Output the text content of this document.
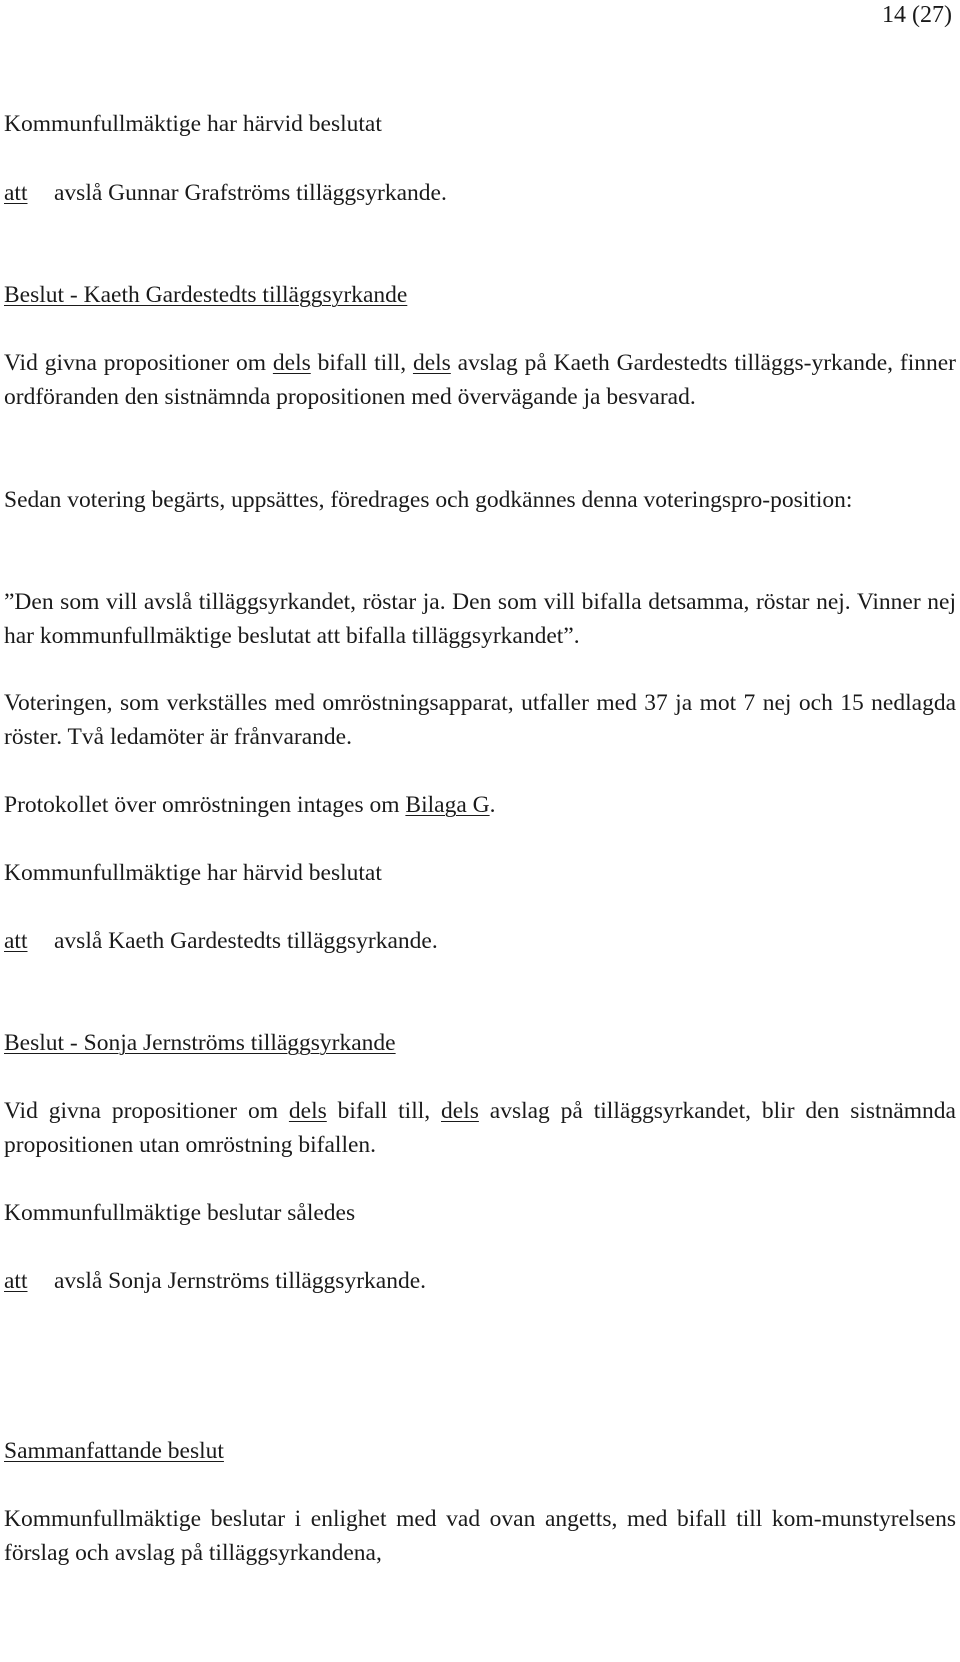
14 (27)

Kommunfullmäktige har härvid beslutat

att avslå Gunnar Grafströms tilläggsyrkande.

Beslut - Kaeth Gardestedts tilläggsyrkande

Vid givna propositioner om dels bifall till, dels avslag på Kaeth Gardestedts tilläggs-yrkande, finner ordföranden den sistnämnda propositionen med övervägande ja besvarad.

Sedan votering begärts, uppsättes, föredrages och godkännes denna voteringspro-position:

”Den som vill avslå tilläggsyrkandet, röstar ja. Den som vill bifalla detsamma, röstar nej. Vinner nej har kommunfullmäktige beslutat att bifalla tilläggsyrkandet”.

Voteringen, som verkställes med omröstningsapparat, utfaller med 37 ja mot 7 nej och 15 nedlagda röster. Två ledamöter är frånvarande.

Protokollet över omröstningen intages om Bilaga G.

Kommunfullmäktige har härvid beslutat

att avslå Kaeth Gardestedts tilläggsyrkande.

Beslut - Sonja Jernströms tilläggsyrkande

Vid givna propositioner om dels bifall till, dels avslag på tilläggsyrkandet, blir den sistnämnda propositionen utan omröstning bifallen.

Kommunfullmäktige beslutar således

att avslå Sonja Jernströms tilläggsyrkande.

Sammanfattande beslut

Kommunfullmäktige beslutar i enlighet med vad ovan angetts, med bifall till kom-munstyrelsens förslag och avslag på tilläggsyrkandena,
